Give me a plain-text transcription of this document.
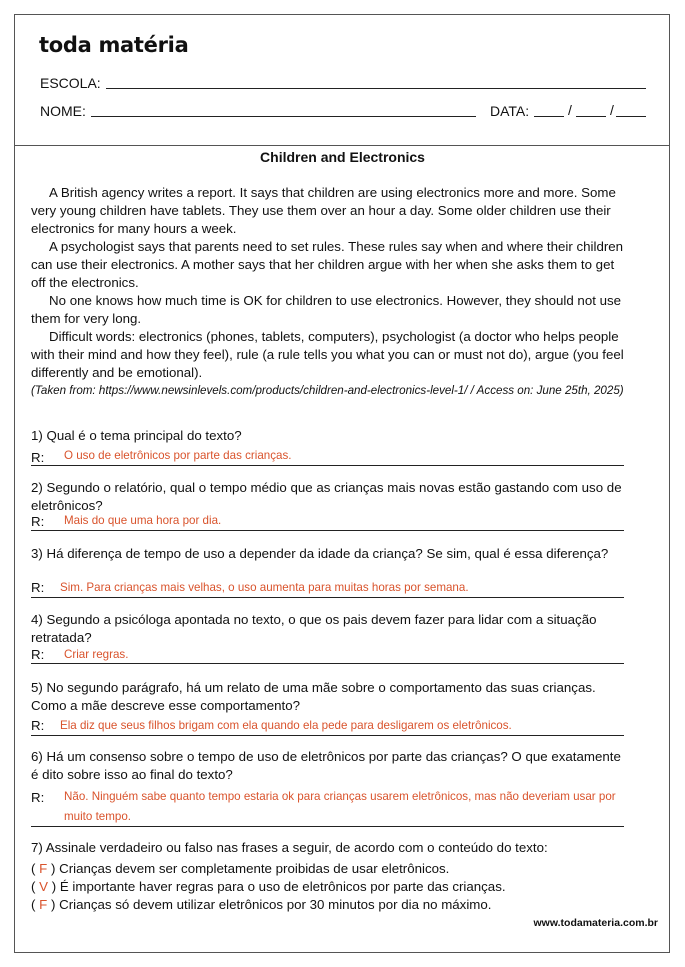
toda matéria
ESCOLA:
NOME:	DATA:	/	/
Children and Electronics

A British agency writes a report. It says that children are using electronics more and more. Some very young children have tablets. They use them over an hour a day. Some older children use their electronics for many hours a week.

A psychologist says that parents need to set rules. These rules say when and where their children can use their electronics. A mother says that her children argue with her when she asks them to get off the electronics.

No one knows how much time is OK for children to use electronics. However, they should not use them for very long.

Difficult words: electronics (phones, tablets, computers), psychologist (a doctor who helps people with their mind and how they feel), rule (a rule tells you what you can or must not do), argue (you feel differently and be emotional).

(Taken from: https://www.newsinlevels.com/products/children-and-electronics-level-1/ / Access on: June 25th, 2025)

1) Qual é o tema principal do texto?
R: O uso de eletrônicos por parte das crianças.
2) Segundo o relatório, qual o tempo médio que as crianças mais novas estão gastando com uso de eletrônicos?
R: Mais do que uma hora por dia.
3) Há diferença de tempo de uso a depender da idade da criança? Se sim, qual é essa diferença?
R: Sim. Para crianças mais velhas, o uso aumenta para muitas horas por semana.
4) Segundo a psicóloga apontada no texto, o que os pais devem fazer para lidar com a situação retratada?
R: Criar regras.
5) No segundo parágrafo, há um relato de uma mãe sobre o comportamento das suas crianças. Como a mãe descreve esse comportamento?
R: Ela diz que seus filhos brigam com ela quando ela pede para desligarem os eletrônicos.
6) Há um consenso sobre o tempo de uso de eletrônicos por parte das crianças? O que exatamente é dito sobre isso ao final do texto?
R: Não. Ninguém sabe quanto tempo estaria ok para crianças usarem eletrônicos, mas não deveriam usar por muito tempo.
7) Assinale verdadeiro ou falso nas frases a seguir, de acordo com o conteúdo do texto:
( F ) Crianças devem ser completamente proibidas de usar eletrônicos.
( V ) É importante haver regras para o uso de eletrônicos por parte das crianças.
( F ) Crianças só devem utilizar eletrônicos por 30 minutos por dia no máximo.
www.todamateria.com.br
